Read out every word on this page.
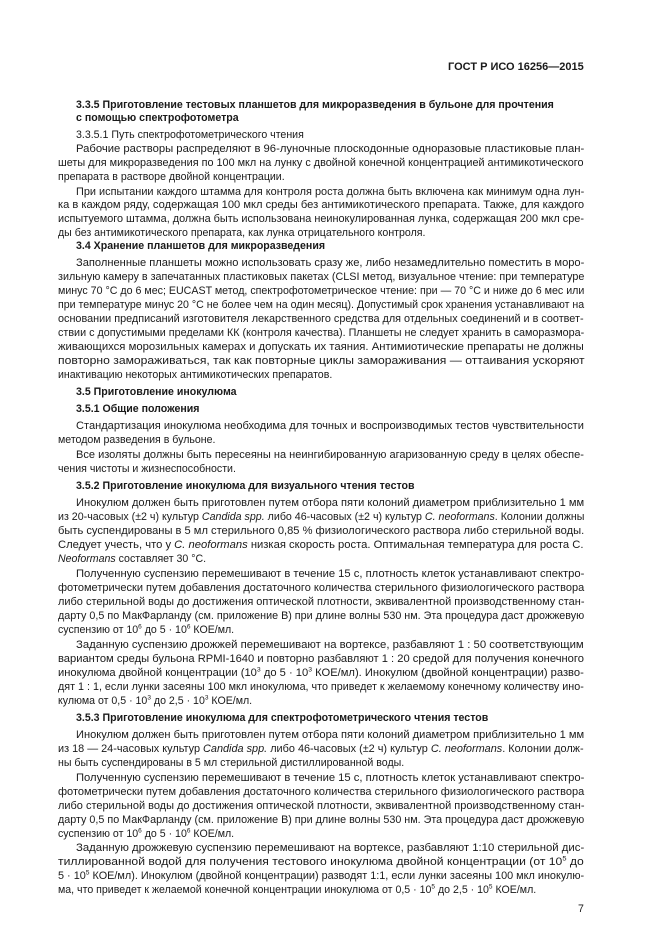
ГОСТ Р ИСО 16256—2015
3.3.5 Приготовление тестовых планшетов для микроразведения в бульоне для прочтения
с помощью спектрофотометра
3.3.5.1 Путь спектрофотометрического чтения
Рабочие растворы распределяют в 96-луночные плоскодонные одноразовые пластиковые план-
шеты для микроразведения по 100 мкл на лунку с двойной конечной концентрацией антимикотического
препарата в растворе двойной концентрации.
При испытании каждого штамма для контроля роста должна быть включена как минимум одна лун-
ка в каждом ряду, содержащая 100 мкл среды без антимикотического препарата. Также, для каждого
испытуемого штамма, должна быть использована неинокулированная лунка, содержащая 200 мкл сре-
ды без антимикотического препарата, как лунка отрицательного контроля.
3.4 Хранение планшетов для микроразведения
Заполненные планшеты можно использовать сразу же, либо незамедлительно поместить в моро-
зильную камеру в запечатанных пластиковых пакетах (CLSI метод, визуальное чтение: при температуре
минус 70 °C до 6 мес; EUCAST метод, спектрофотометрическое чтение: при — 70 °C и ниже до 6 мес или
при температуре минус 20 °C не более чем на один месяц). Допустимый срок хранения устанавливают на
основании предписаний изготовителя лекарственного средства для отдельных соединений и в соответ-
ствии с допустимыми пределами КК (контроля качества). Планшеты не следует хранить в саморазмора-
живающихся морозильных камерах и допускать их таяния. Антимиотические препараты не должны
повторно замораживаться, так как повторные циклы замораживания — оттаивания ускоряют
инактивацию некоторых антимикотических препаратов.
3.5 Приготовление инокулюма
3.5.1 Общие положения
Стандартизация инокулюма необходима для точных и воспроизводимых тестов чувствительности
методом разведения в бульоне.
Все изоляты должны быть пересеяны на неингибированную агаризованную среду в целях обеспе-
чения чистоты и жизнеспособности.
3.5.2 Приготовление инокулюма для визуального чтения тестов
Инокулюм должен быть приготовлен путем отбора пяти колоний диаметром приблизительно 1 мм
из 20-часовых (±2 ч) культур Candida spp. либо 46-часовых (±2 ч) культур C. neoformans. Колонии должны
быть суспендированы в 5 мл стерильного 0,85 % физиологического раствора либо стерильной воды.
Следует учесть, что у C. neoformans низкая скорость роста. Оптимальная температура для роста C.
Neoformans составляет 30 °C.
Полученную суспензию перемешивают в течение 15 с, плотность клеток устанавливают спектро-
фотометрически путем добавления достаточного количества стерильного физиологического раствора
либо стерильной воды до достижения оптической плотности, эквивалентной производственному стан-
дарту 0,5 по МакФарланду (см. приложение В) при длине волны 530 нм. Эта процедура даст дрожжевую
суспензию от $10^6$ до $5 \cdot 10^6$ КОЕ/мл.
Заданную суспензию дрожжей перемешивают на вортексе, разбавляют 1 : 50 соответствующим
вариантом среды бульона RPMI-1640 и повторно разбавляют 1 : 20 средой для получения конечного
инокулюма двойной концентрации ($10^3$ до $5 \cdot 10^3$ КОЕ/мл). Инокулюм (двойной концентрации) разво-
дят 1 : 1, если лунки засеяны 100 мкл инокулюма, что приведет к желаемому конечному количеству ино-
кулюма от $0,5 \cdot 10^3$ до $2,5 \cdot 10^3$ КОЕ/мл.
3.5.3 Приготовление инокулюма для спектрофотометрического чтения тестов
Инокулюм должен быть приготовлен путем отбора пяти колоний диаметром приблизительно 1 мм
из 18 — 24-часовых культур Candida spp. либо 46-часовых (±2 ч) культур C. neoformans. Колонии долж-
ны быть суспендированы в 5 мл стерильной дистиллированной воды.
Полученную суспензию перемешивают в течение 15 с, плотность клеток устанавливают спектро-
фотометрически путем добавления достаточного количества стерильного физиологического раствора
либо стерильной воды до достижения оптической плотности, эквивалентной производственному стан-
дарту 0,5 по МакФарланду (см. приложение В) при длине волны 530 нм. Эта процедура даст дрожжевую
суспензию от $10^6$ до $5 \cdot 10^6$ КОЕ/мл.
Заданную дрожжевую суспензию перемешивают на вортексе, разбавляют 1:10 стерильной дис-
тиллированной водой для получения тестового инокулюма двойной концентрации (от $10^5$ до
$5 \cdot 10^5$ КОЕ/мл). Инокулюм (двойной концентрации) разводят 1:1, если лунки засеяны 100 мкл инокулю-
ма, что приведет к желаемой конечной концентрации инокулюма от $0,5 \cdot 10^5$ до $2,5 \cdot 10^5$ КОЕ/мл.
7
